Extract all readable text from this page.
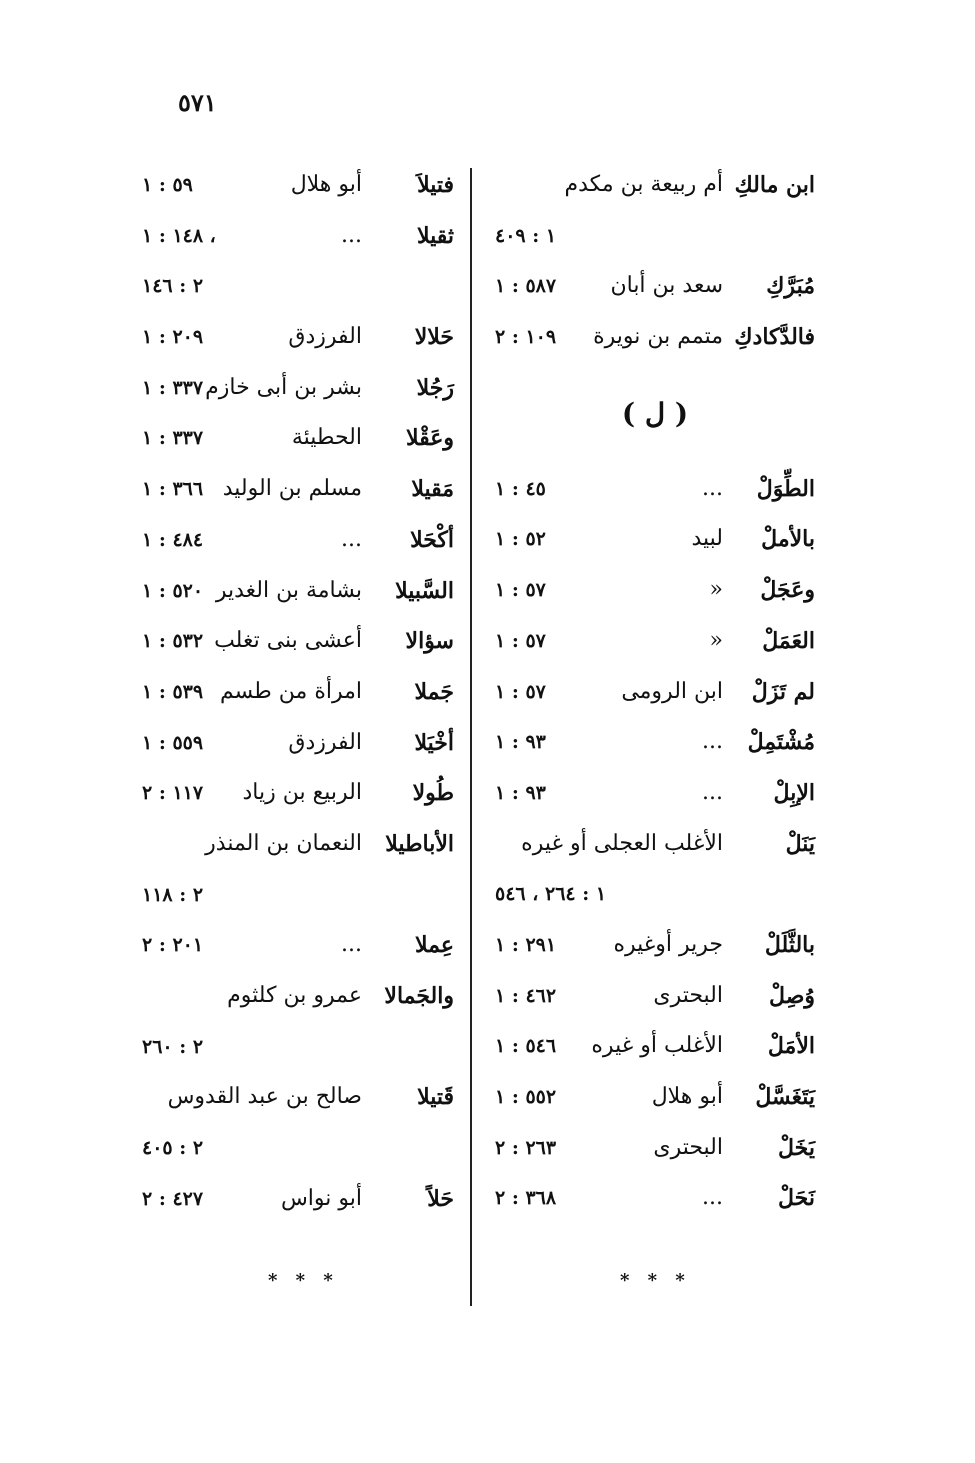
٥٧١
ابن مالكِ
أم ربيعة بن مكدم
١ : ٤٠٩
مُبَرَّكِ
سعد بن أبان
١ : ٥٨٧
فالدَّكادكِ
متمم بن نويرة
٢ : ١٠٩
( ل )
الطِّوَلْ
...
١ : ٤٥
بالأملْ
لبيد
١ : ٥٢
وعَجَلْ
«
١ : ٥٧
العَمَلْ
«
١ : ٥٧
لم تَزَلْ
ابن الرومى
١ : ٥٧
مُشْتَمِلْ
...
١ : ٩٣
الإبِلْ
...
١ : ٩٣
يَنَلْ
الأغلب العجلى أو غيره
١ : ٢٦٤ ، ٥٤٦
بالثَّلَلْ
جرير أوغيره
١ : ٢٩١
وُصِلْ
البحترى
١ : ٤٦٢
الأمَلْ
الأغلب أو غيره
١ : ٥٤٦
يَتَغَسَّلْ
أبو هلال
١ : ٥٥٢
يَخَلْ
البحترى
٢ : ٢٦٣
نَحَلْ
...
٢ : ٣٦٨
فتيلاَ
أبو هلال
١ : ٥٩
ثقيلا
...
١ : ١٤٨ ،
٢ : ١٤٦
حَلالا
الفرزدق
١ : ٢٠٩
رَجُلا
بشر بن أبى خازم
١ : ٣٣٧
وعَقْلا
الحطيئة
١ : ٣٣٧
مَقيلا
مسلم بن الوليد
١ : ٣٦٦
أكْحَلا
...
١ : ٤٨٤
السَّبيلا
بشامة بن الغدير
١ : ٥٢٠
سؤالا
أعشى بنى تغلب
١ : ٥٣٢
جَملا
امرأة من طسم
١ : ٥٣٩
أخْيَلا
الفرزدق
١ : ٥٥٩
طُولا
الربيع بن زياد
٢ : ١١٧
الأباطيلا
النعمان بن المنذر
٢ : ١١٨
عِملا
...
٢ : ٢٠١
والجَمالا
عمرو بن كلثوم
٢ : ٢٦٠
قَتيلا
صالح بن عبد القدوس
٢ : ٤٠٥
حَلاً
أبو نواس
٢ : ٤٢٧
* * *	* * *
